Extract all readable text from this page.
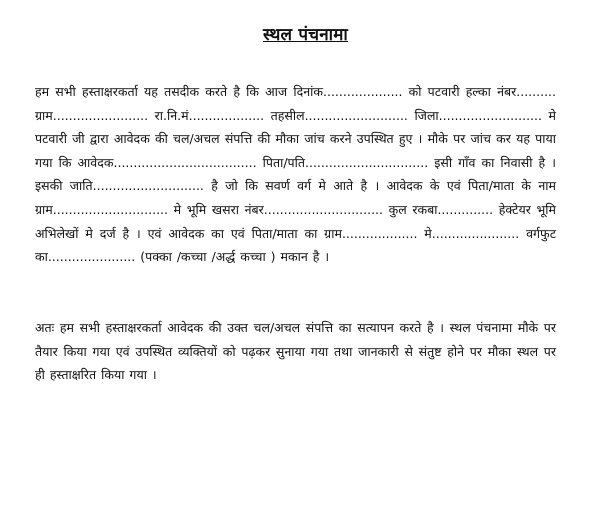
स्थल पंचनामा
हम सभी हस्ताक्षरकर्ता यह तसदीक करते है कि आज दिनांक.................... को पटवारी हल्का नंबर.......... ग्राम........................ रा.नि.मं................... तहसील.......................... जिला.......................... मे पटवारी जी द्वारा आवेदक की चल/अचल संपत्ति की मौका जांच करने उपस्थित हुए । मौके पर जांच कर यह पाया गया कि आवेदक.................................... पिता/पति............................... इसी गाँव का निवासी है । इसकी जाति............................ है जो कि सवर्ण वर्ग मे आते है । आवेदक के एवं पिता/माता के नाम ग्राम............................. मे भूमि खसरा नंबर.............................. कुल रकबा.............. हेक्टेयर भूमि अभिलेखों मे दर्ज है । एवं आवेदक का एवं पिता/माता का ग्राम................... मे...................... वर्गफुट का...................... (पक्का /कच्चा /अर्द्ध कच्चा ) मकान है ।
अतः हम सभी हस्ताक्षरकर्ता आवेदक की उक्त चल/अचल संपत्ति का सत्यापन करते है । स्थल पंचनामा मौके पर तैयार किया गया एवं उपस्थित व्यक्तियों को पढ़कर सुनाया गया तथा जानकारी से संतुष्ट होने पर मौका स्थल पर ही हस्ताक्षरित किया गया ।
